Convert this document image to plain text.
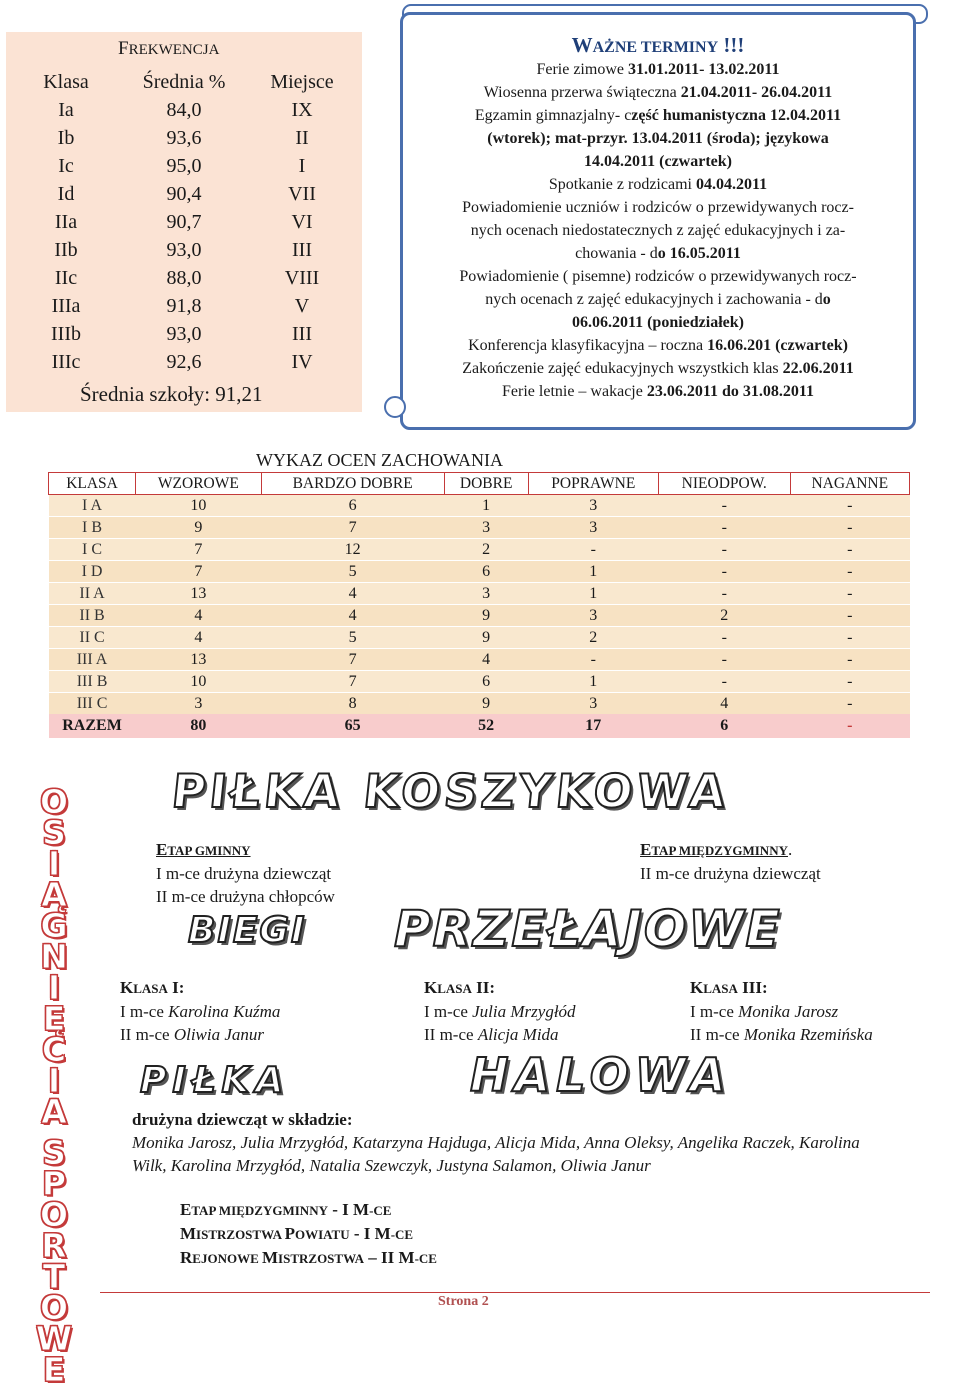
FREKWENCJA
Klasa	Średnia %	Miejsce
Ia	84,0	IX
Ib	93,6	II
Ic	95,0	I
Id	90,4	VII
IIa	90,7	VI
IIb	93,0	III
IIc	88,0	VIII
IIIa	91,8	V
IIIb	93,0	III
IIIc	92,6	IV
Średnia szkoły: 91,21
WAŻNE TERMINY !!!
Ferie zimowe 31.01.2011- 13.02.2011
Wiosenna przerwa świąteczna 21.04.2011- 26.04.2011
Egzamin gimnazjalny- część humanistyczna 12.04.2011
(wtorek); mat-przyr. 13.04.2011 (środa); językowa
14.04.2011 (czwartek)
Spotkanie z rodzicami 04.04.2011
Powiadomienie uczniów i rodziców o przewidywanych rocz-
nych ocenach niedostatecznych z zajęć edukacyjnych i za-
chowania - do 16.05.2011
Powiadomienie ( pisemne) rodziców o przewidywanych rocz-
nych ocenach z zajęć edukacyjnych i zachowania - do
06.06.2011 (poniedziałek)
Konferencja klasyfikacyjna – roczna 16.06.201 (czwartek)
Zakończenie zajęć edukacyjnych wszystkich klas 22.06.2011
Ferie letnie – wakacje 23.06.2011 do 31.08.2011
WYKAZ OCEN ZACHOWANIA
KLASA	WZOROWE	BARDZO DOBRE	DOBRE	POPRAWNE	NIEODPOW.	NAGANNE
I A	10	6	1	3	-	-
I B	9	7	3	3	-	-
I C	7	12	2	-	-	-
I D	7	5	6	1	-	-
II A	13	4	3	1	-	-
II B	4	4	9	3	2	-
II C	4	5	9	2	-	-
III A	13	7	4	-	-	-
III B	10	7	6	1	-	-
III C	3	8	9	3	4	-
RAZEM	80	65	52	17	6	-
O
S
I
Ą
G
N
I
Ę
C
I
A

S
P
O
R
T
O
W
E
PIŁKA KOSZYKOWA
ETAP GMINNY
I m-ce drużyna dziewcząt
II m-ce drużyna chłopców
ETAP MIĘDZYGMINNY.
II m-ce drużyna dziewcząt
BIEGI PRZEŁAJOWE
KLASA I:
I m-ce Karolina Kuźma
II m-ce Oliwia Janur
KLASA II:
I m-ce Julia Mrzygłód
II m-ce Alicja Mida
KLASA III:
I m-ce Monika Jarosz
II m-ce Monika Rzemińska
PIŁKA	HALOWA
drużyna dziewcząt w składzie:
Monika Jarosz, Julia Mrzygłód, Katarzyna Hajduga, Alicja Mida, Anna Oleksy, Angelika Raczek, Karolina
Wilk, Karolina Mrzygłód, Natalia Szewczyk, Justyna Salamon, Oliwia Janur
ETAP MIĘDZYGMINNY - I M-CE
MISTRZOSTWA POWIATU - I M-CE
REJONOWE MISTRZOSTWA – II M-CE
Strona 2
